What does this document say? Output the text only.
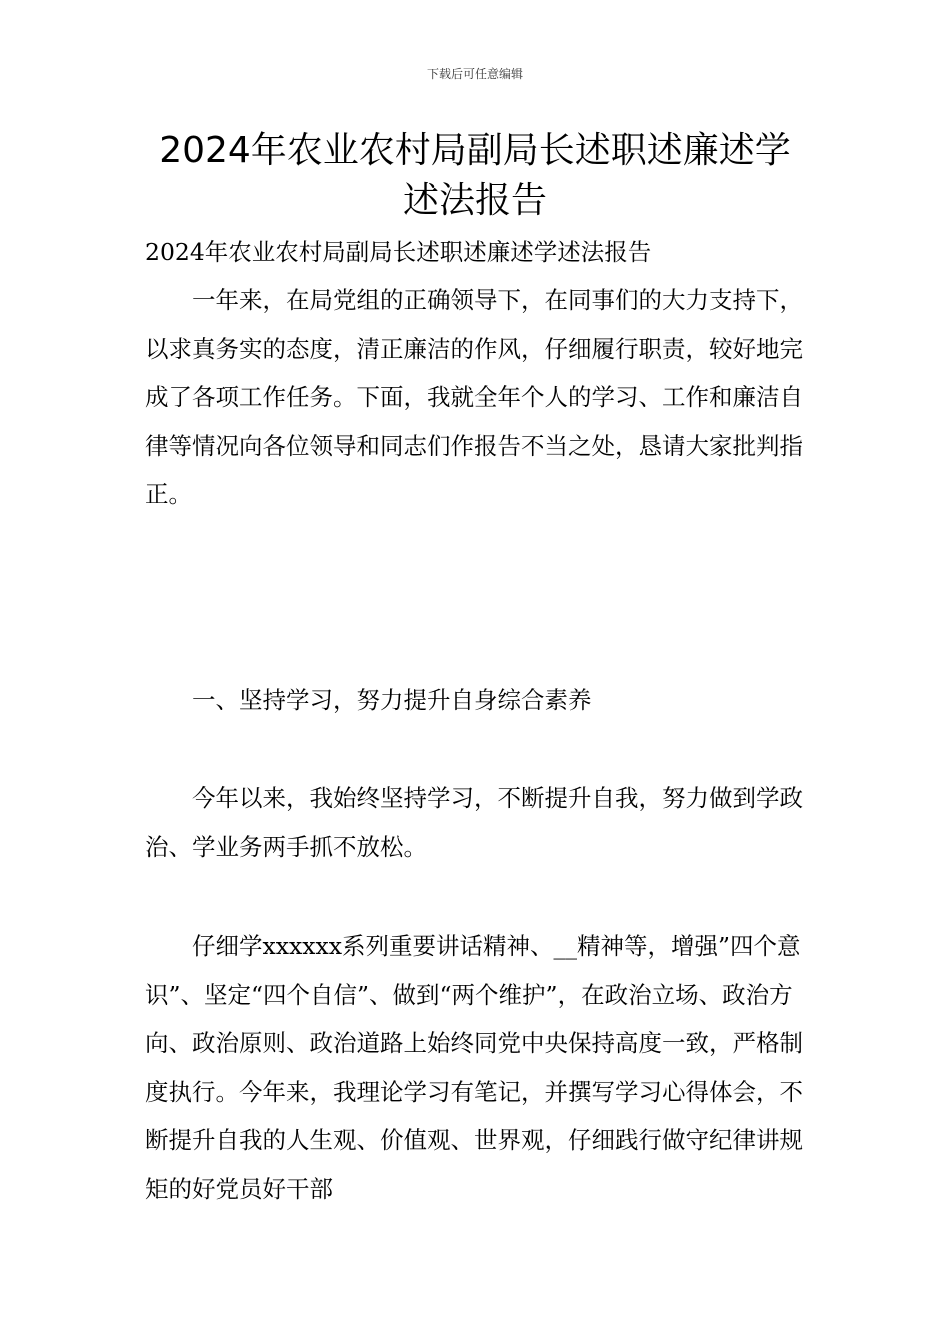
下载后可任意编辑
2024年农业农村局副局长述职述廉述学述法报告

2024年农业农村局副局长述职述廉述学述法报告

一年来，在局党组的正确领导下，在同事们的大力支持下，以求真务实的态度，清正廉洁的作风，仔细履行职责，较好地完成了各项工作任务。下面，我就全年个人的学习、工作和廉洁自律等情况向各位领导和同志们作报告不当之处，恳请大家批判指正。

一、坚持学习，努力提升自身综合素养

今年以来，我始终坚持学习，不断提升自我，努力做到学政治、学业务两手抓不放松。

仔细学xxxxxx系列重要讲话精神、__精神等，增强”四个意识”、坚定“四个自信”、做到“两个维护”，在政治立场、政治方向、政治原则、政治道路上始终同党中央保持高度一致，严格制度执行。今年来，我理论学习有笔记，并撰写学习心得体会，不断提升自我的人生观、价值观、世界观，仔细践行做守纪律讲规矩的好党员好干部
